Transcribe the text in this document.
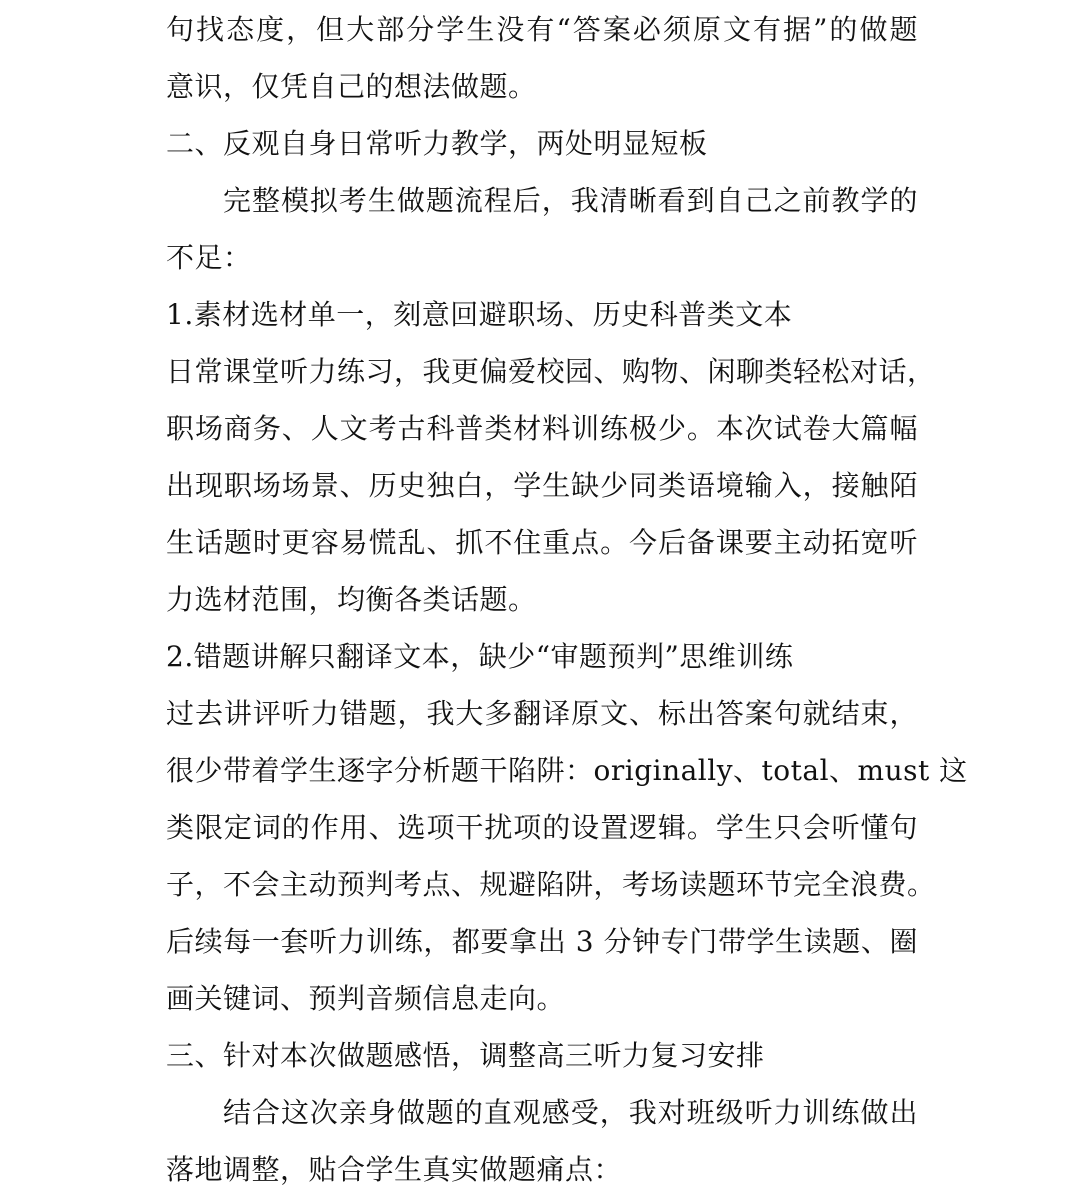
句找态度，但大部分学生没有“答案必须原文有据”的做题
意识，仅凭自己的想法做题。
二、反观自身日常听力教学，两处明显短板
完整模拟考生做题流程后，我清晰看到自己之前教学的
不足：
1.素材选材单一，刻意回避职场、历史科普类文本
日常课堂听力练习，我更偏爱校园、购物、闲聊类轻松对话，
职场商务、人文考古科普类材料训练极少。本次试卷大篇幅
出现职场场景、历史独白，学生缺少同类语境输入，接触陌
生话题时更容易慌乱、抓不住重点。今后备课要主动拓宽听
力选材范围，均衡各类话题。
2.错题讲解只翻译文本，缺少“审题预判”思维训练
过去讲评听力错题，我大多翻译原文、标出答案句就结束，
很少带着学生逐字分析题干陷阱：originally、total、must 这
类限定词的作用、选项干扰项的设置逻辑。学生只会听懂句
子，不会主动预判考点、规避陷阱，考场读题环节完全浪费。
后续每一套听力训练，都要拿出 3 分钟专门带学生读题、圈
画关键词、预判音频信息走向。
三、针对本次做题感悟，调整高三听力复习安排
结合这次亲身做题的直观感受，我对班级听力训练做出
落地调整，贴合学生真实做题痛点：
